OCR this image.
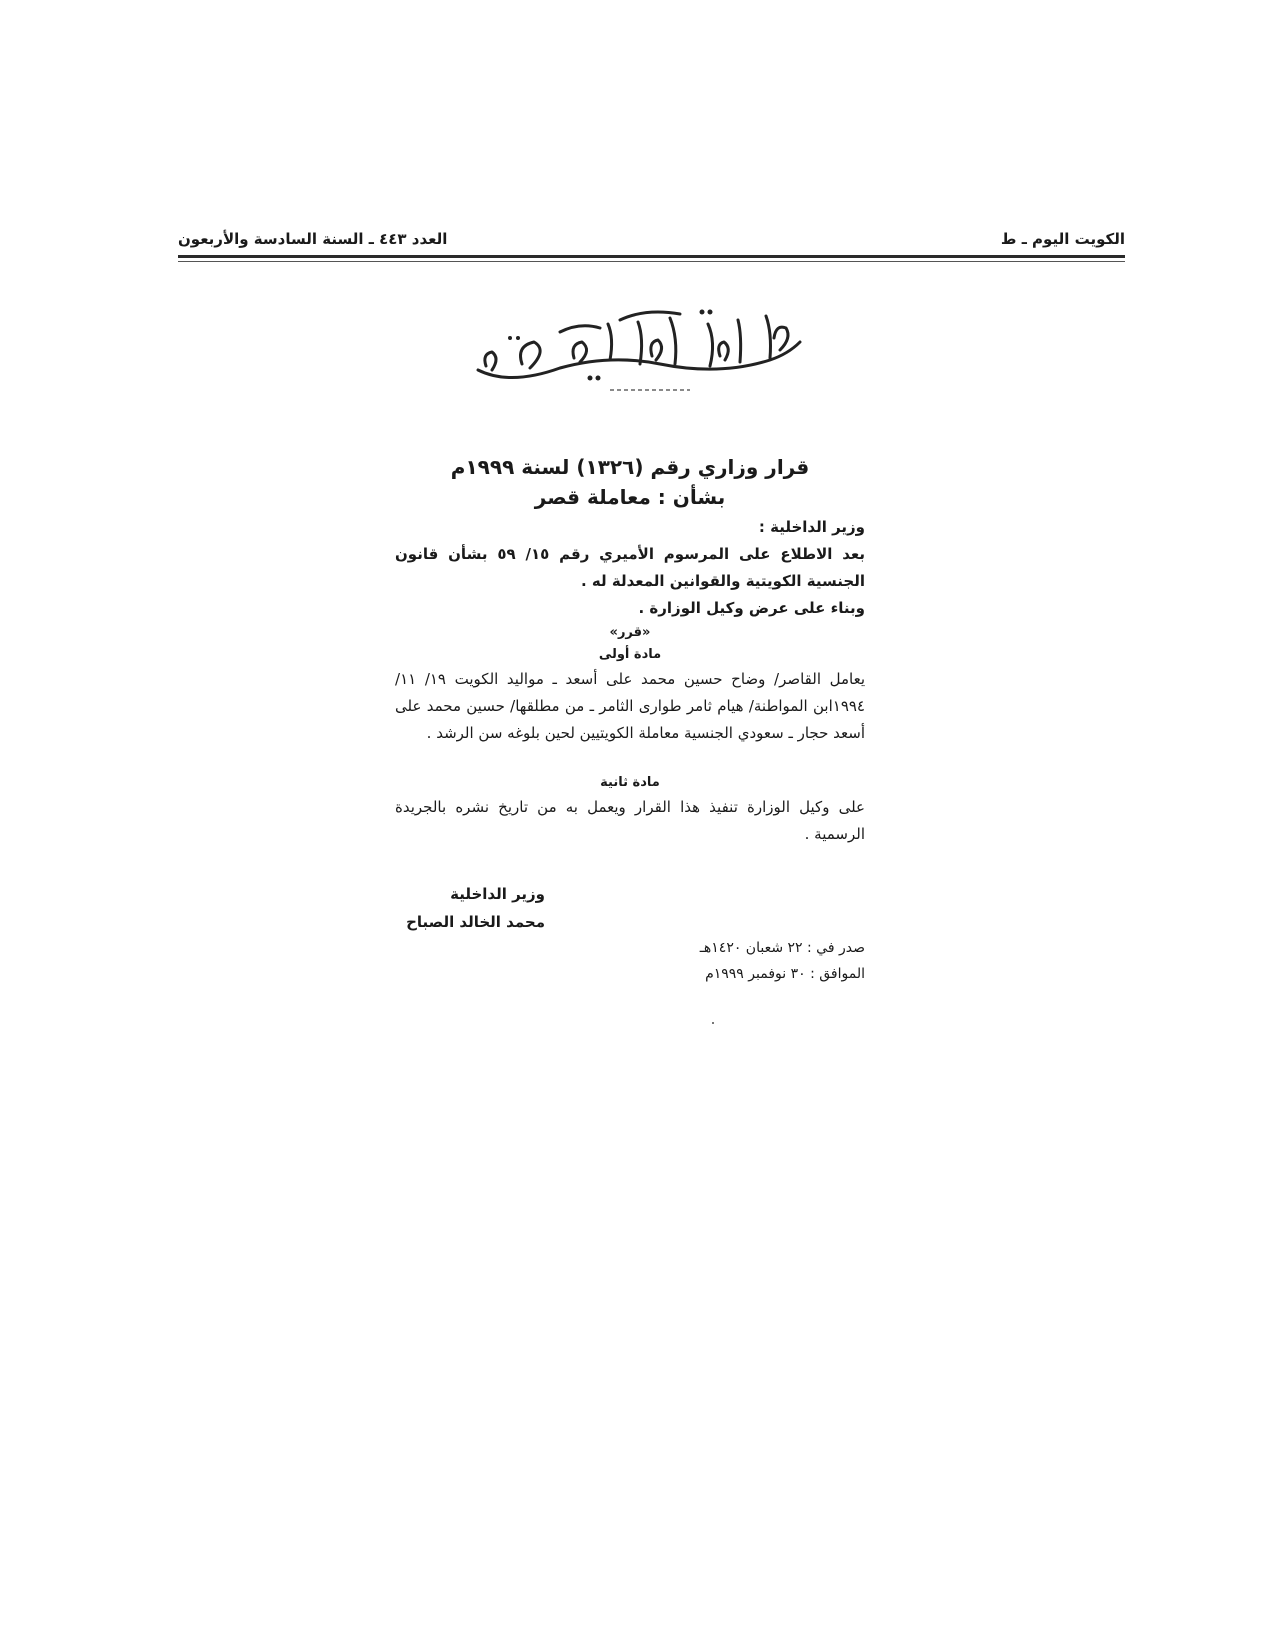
العدد ٤٤٣ ـ السنة السادسة والأربعون	الكويت اليوم ـ ط
قرار وزاري رقم (١٣٢٦) لسنة ١٩٩٩م
بشأن : معاملة قصر
وزير الداخلية :
بعد الاطلاع على المرسوم الأميري رقم ١٥/ ٥٩ بشأن قانون الجنسية الكويتية والقوانين المعدلة له .
وبناء على عرض وكيل الوزارة .
«قرر»
مادة أولى
يعامل القاصر/ وضاح حسين محمد على أسعد ـ مواليد الكويت ١٩/ ١١/ ١٩٩٤ابن المواطنة/ هيام ثامر طوارى الثامر ـ من مطلقها/ حسين محمد على أسعد حجار ـ سعودي الجنسية معاملة الكويتيين لحين بلوغه سن الرشد .
مادة ثانية
على وكيل الوزارة تنفيذ هذا القرار ويعمل به من تاريخ نشره بالجريدة الرسمية .
وزير الداخلية
محمد الخالد الصباح
صدر في : ٢٢ شعبان ١٤٢٠هـ
الموافق : ٣٠ نوفمبر ١٩٩٩م
